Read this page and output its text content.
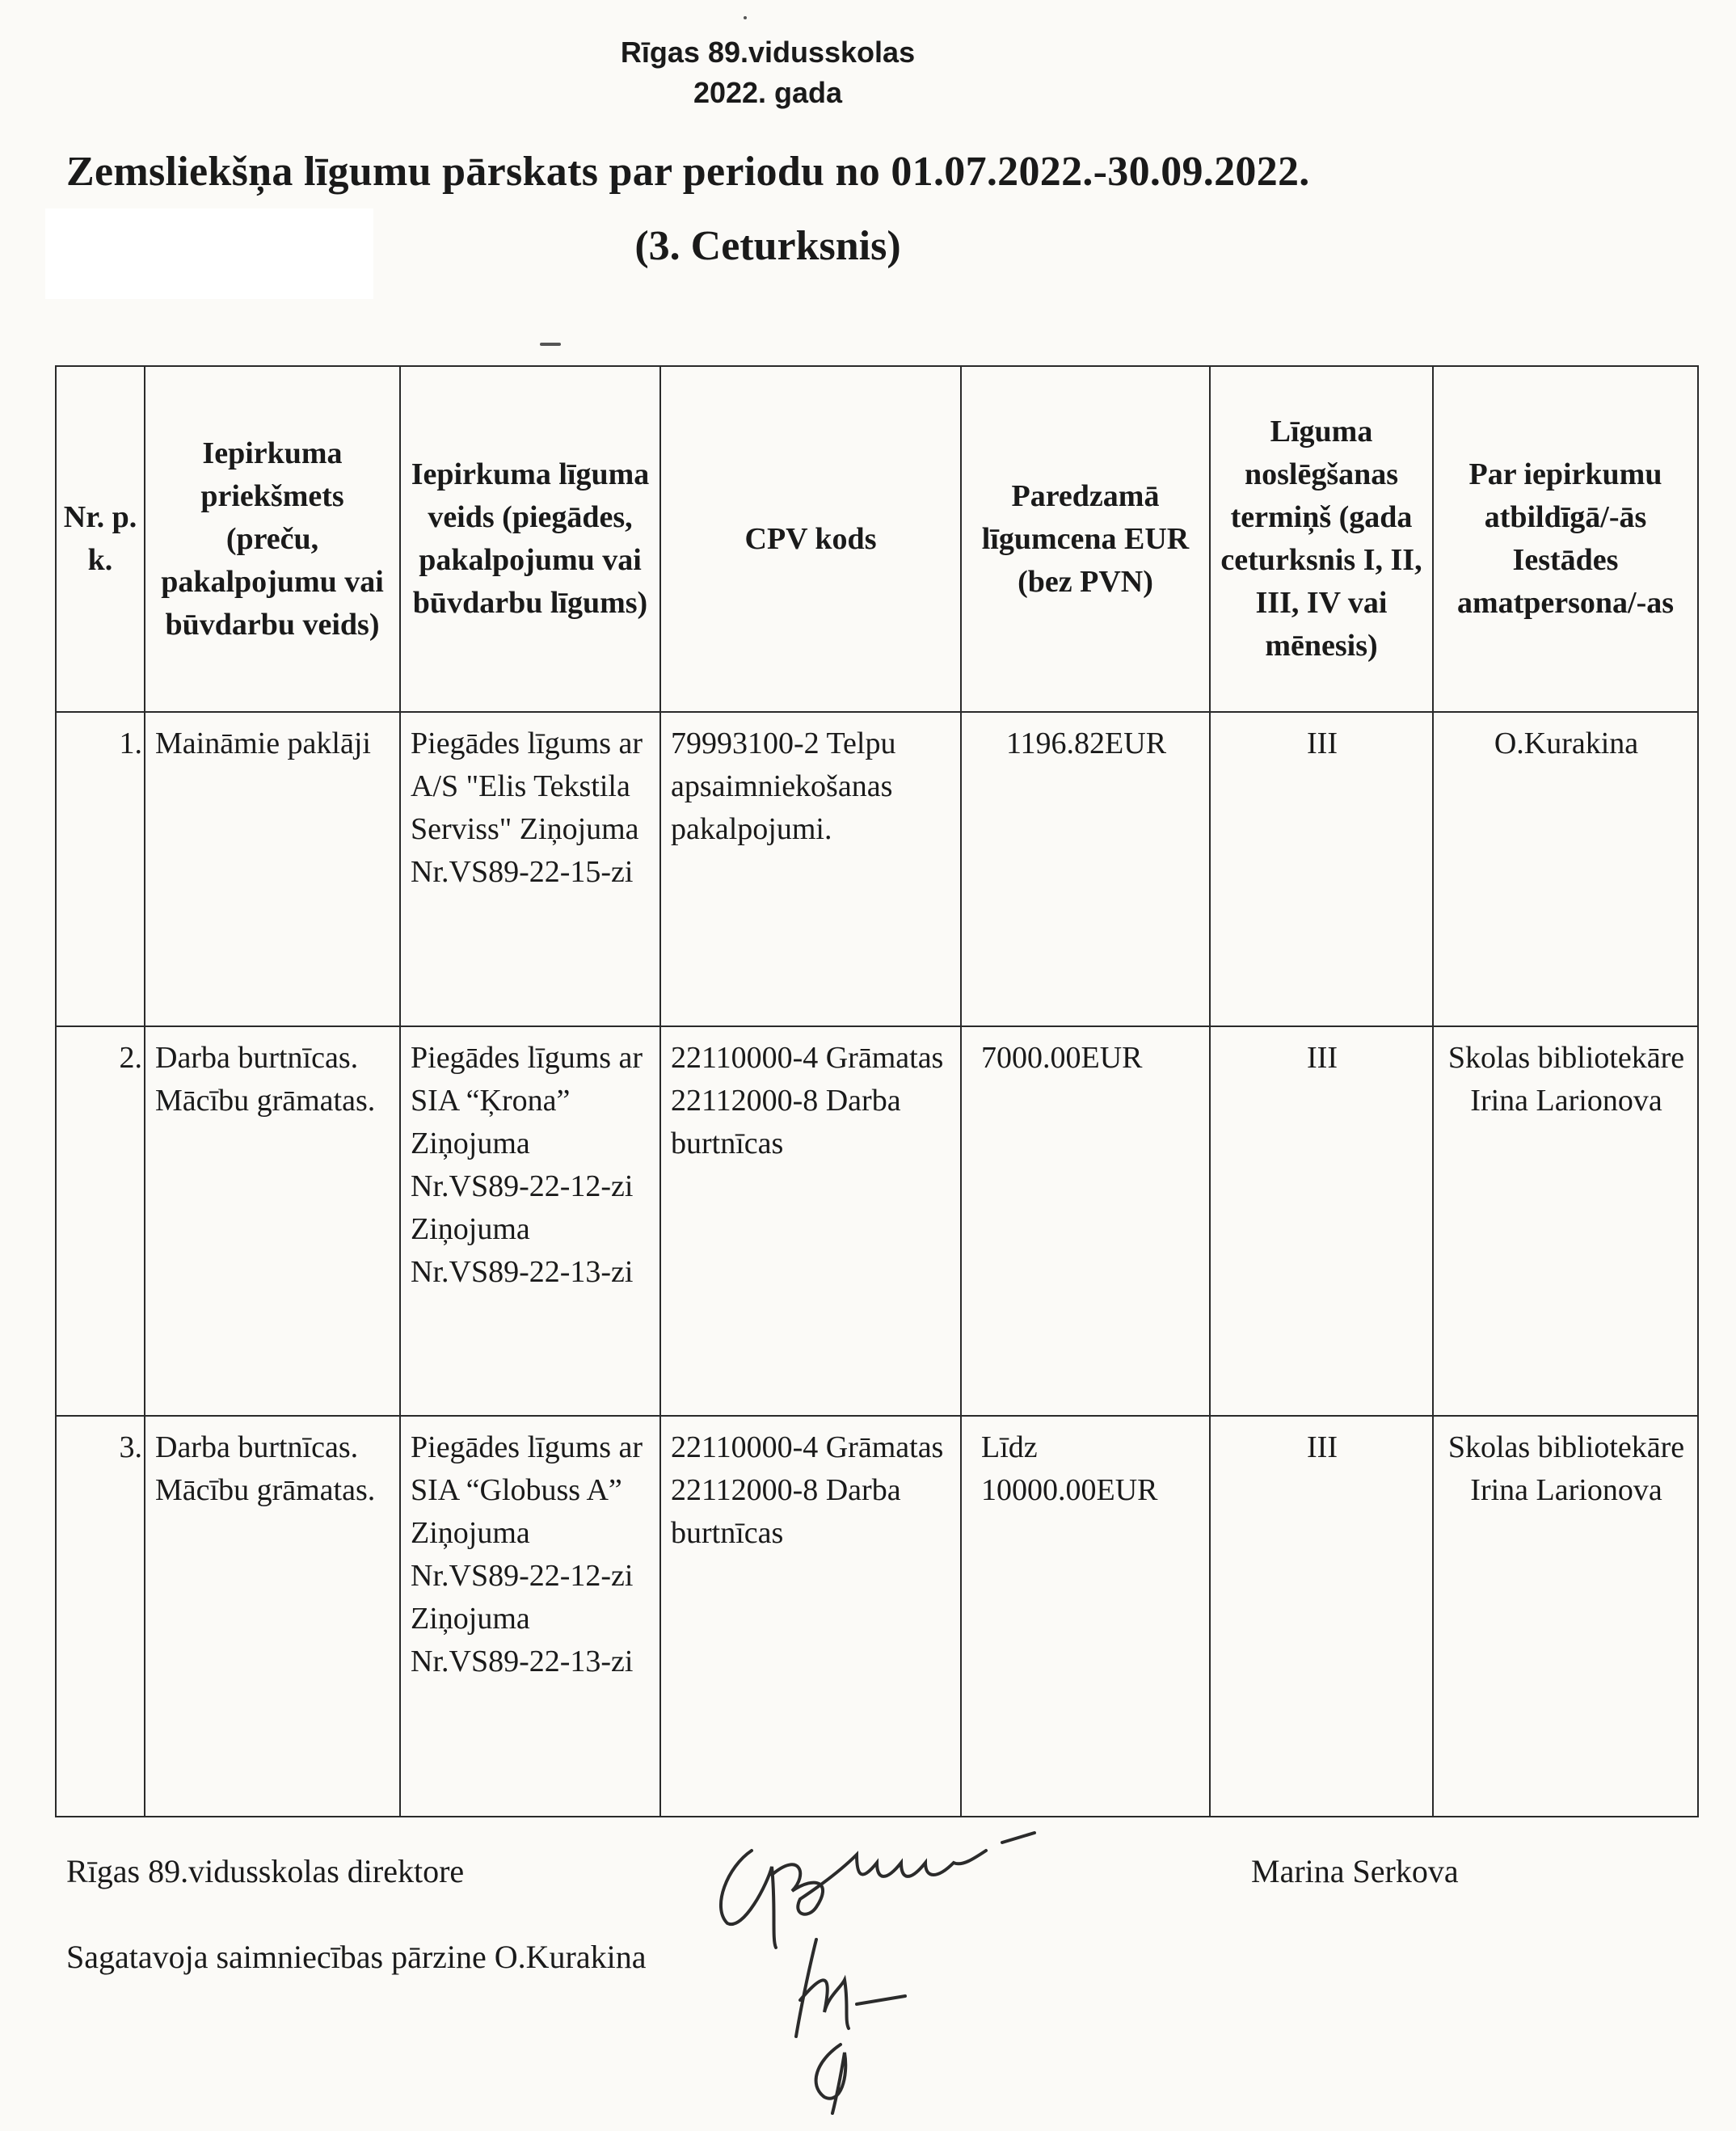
Rīgas 89.vidusskolas
2022. gada
Zemsliekšņa līgumu pārskats par periodu no 01.07.2022.-30.09.2022.
(3. Ceturksnis)
Nr. p. k.	Iepirkuma priekšmets (preču, pakalpojumu vai būvdarbu veids)	Iepirkuma līguma veids (piegādes, pakalpojumu vai būvdarbu līgums)	CPV kods	Paredzamā līgumcena EUR (bez PVN)	Līguma noslēgšanas termiņš (gada ceturksnis I, II, III, IV vai mēnesis)	Par iepirkumu atbildīgā/-ās Iestādes amatpersona/-as
1.	Maināmie paklāji	Piegādes līgums ar A/S "Elis Tekstila Serviss" Ziņojuma Nr.VS89-22-15-zi	79993100-2 Telpu apsaimniekošanas pakalpojumi.	1196.82EUR	III	O.Kurakina
2.	Darba burtnīcas. Mācību grāmatas.	Piegādes līgums ar SIA “Ķrona” Ziņojuma Nr.VS89-22-12-zi Ziņojuma Nr.VS89-22-13-zi	22110000-4 Grāmatas 22112000-8 Darba burtnīcas	7000.00EUR	III	Skolas bibliotekāre Irina Larionova
3.	Darba burtnīcas. Mācību grāmatas.	Piegādes līgums ar SIA “Globuss A” Ziņojuma Nr.VS89-22-12-zi Ziņojuma Nr.VS89-22-13-zi	22110000-4 Grāmatas 22112000-8 Darba burtnīcas	Līdz 10000.00EUR	III	Skolas bibliotekāre Irina Larionova
Rīgas 89.vidusskolas direktore	Marina Serkova
Sagatavoja saimniecības pārzine O.Kurakina
